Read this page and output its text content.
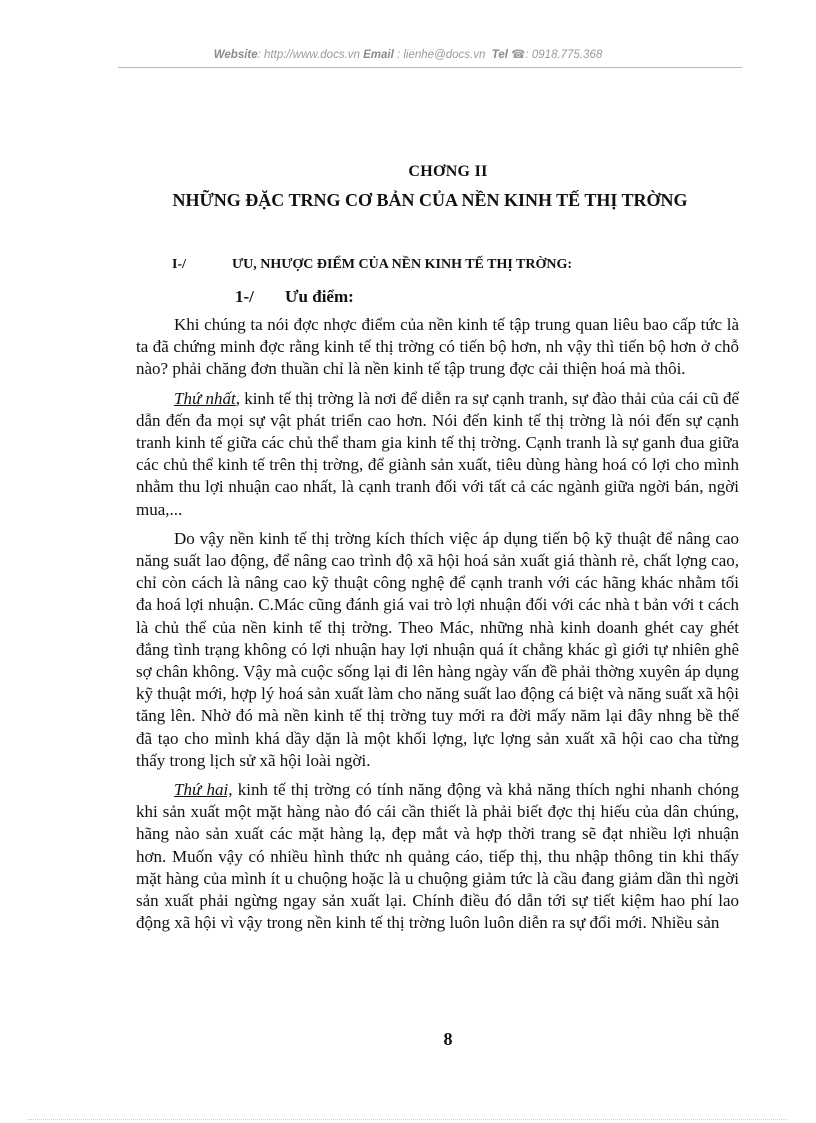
Website: http://www.docs.vn Email : lienhe@docs.vn Tel ☎: 0918.775.368
CHƠNG II
NHỮNG ĐẶC TRNG CƠ BẢN CỦA NỀN KINH TẾ THỊ TRỜNG
I-/	ƯU, NHƯỢC ĐIỂM CỦA NỀN KINH TẾ THỊ TRỜNG:
1-/ Ưu điểm:

Khi chúng ta nói đợc nhợc điểm của nền kinh tế tập trung quan liêu bao cấp tức là ta đã chứng minh đợc rằng kinh tế thị trờng có tiến bộ hơn, nh vậy thì tiến bộ hơn ở chỗ nào? phải chăng đơn thuần chỉ là nền kinh tế tập trung đợc cải thiện hoá mà thôi.

Thứ nhất, kinh tế thị trờng là nơi để diễn ra sự cạnh tranh, sự đào thải của cái cũ để dẫn đến đa mọi sự vật phát triển cao hơn. Nói đến kinh tế thị trờng là nói đến sự cạnh tranh kinh tế giữa các chủ thể tham gia kinh tế thị trờng. Cạnh tranh là sự ganh đua giữa các chủ thể kinh tế trên thị trờng, để giành sản xuất, tiêu dùng hàng hoá có lợi cho mình nhằm thu lợi nhuận cao nhất, là cạnh tranh đối với tất cả các ngành giữa ngời bán, ngời mua,...

Do vậy nền kinh tế thị trờng kích thích việc áp dụng tiến bộ kỹ thuật để nâng cao năng suất lao động, để nâng cao trình độ xã hội hoá sản xuất giá thành rẻ, chất lợng cao, chỉ còn cách là nâng cao kỹ thuật công nghệ để cạnh tranh với các hãng khác nhằm tối đa hoá lợi nhuận. C.Mác cũng đánh giá vai trò lợi nhuận đối với các nhà t bản với t cách là chủ thể của nền kinh tế thị trờng. Theo Mác, những nhà kinh doanh ghét cay ghét đắng tình trạng không có lợi nhuận hay lợi nhuận quá ít chẳng khác gì giới tự nhiên ghê sợ chân không. Vậy mà cuộc sống lại đi lên hàng ngày vấn đề phải thờng xuyên áp dụng kỹ thuật mới, hợp lý hoá sản xuất làm cho năng suất lao động cá biệt và năng suất xã hội tăng lên. Nhờ đó mà nền kinh tế thị trờng tuy mới ra đời mấy năm lại đây nhng bề thế đã tạo cho mình khá dầy dặn là một khối lợng, lực lợng sản xuất xã hội cao cha từng thấy trong lịch sử xã hội loài ngời.

Thứ hai, kinh tế thị trờng có tính năng động và khả năng thích nghi nhanh chóng khi sản xuất một mặt hàng nào đó cái cần thiết là phải biết đợc thị hiếu của dân chúng, hãng nào sản xuất các mặt hàng lạ, đẹp mắt và hợp thời trang sẽ đạt nhiều lợi nhuận hơn. Muốn vậy có nhiều hình thức nh quảng cáo, tiếp thị, thu nhập thông tin khi thấy mặt hàng của mình ít u chuộng hoặc là u chuộng giảm tức là cầu đang giảm dần thì ngời sản xuất phải ngừng ngay sản xuất lại. Chính điều đó dẫn tới sự tiết kiệm hao phí lao động xã hội vì vậy trong nền kinh tế thị trờng luôn luôn diễn ra sự đổi mới. Nhiều sản

8
